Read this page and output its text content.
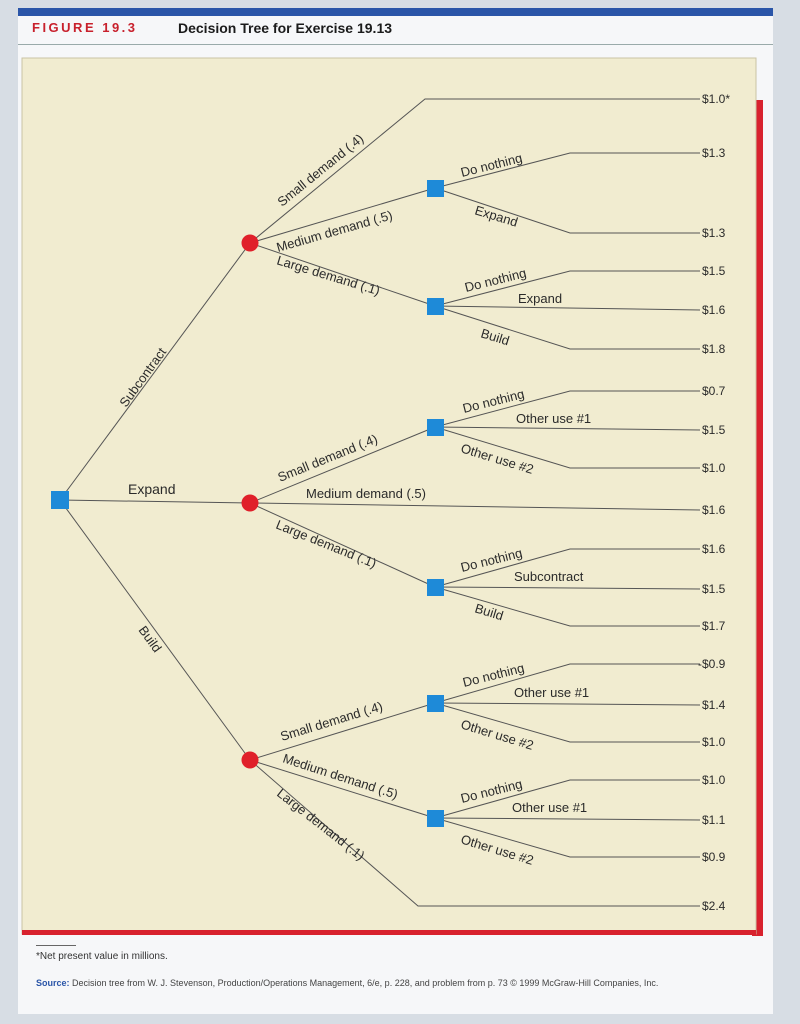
FIGURE 19.3	Decision Tree for Exercise 19.13
Subcontract
Expand
Build
Small demand (.4)
Medium demand (.5)
Large demand (.1)
Do nothing
Expand
Do nothing
Expand
Build
Small demand (.4)
Medium demand (.5)
Large demand (.1)
Do nothing
Other use #1
Other use #2
Do nothing
Subcontract
Build
Small demand (.4)
Medium demand (.5)
Large demand (.1)
Do nothing
Other use #1
Other use #2
Do nothing
Other use #1
Other use #2
$1.0*
$1.3
$1.3
$1.5
$1.6
$1.8
$0.7
$1.5
$1.0
$1.6
$1.6
$1.5
$1.7
-$0.9
$1.4
$1.0
$1.0
$1.1
$0.9
$2.4
*Net present value in millions.
Source: Decision tree from W. J. Stevenson, Production/Operations Management, 6/e, p. 228, and problem from p. 73 © 1999 McGraw-Hill Companies, Inc.
